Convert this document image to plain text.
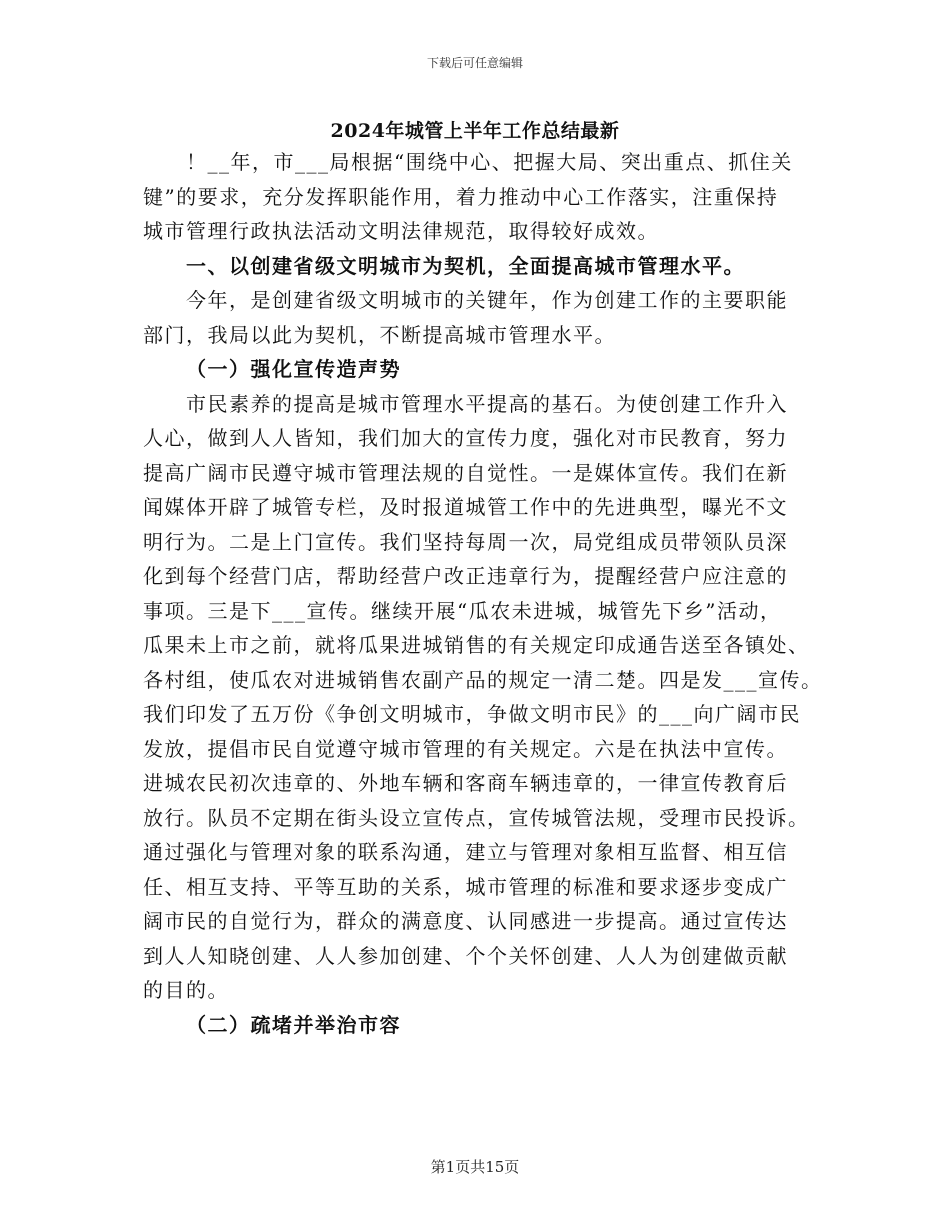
下载后可任意编辑
2024年城管上半年工作总结最新
！__年，市___局根据“围绕中心、把握大局、突出重点、抓住关
键”的要求，充分发挥职能作用，着力推动中心工作落实，注重保持
城市管理行政执法活动文明法律规范，取得较好成效。
一、以创建省级文明城市为契机，全面提高城市管理水平。
今年，是创建省级文明城市的关键年，作为创建工作的主要职能
部门，我局以此为契机，不断提高城市管理水平。
（一）强化宣传造声势
市民素养的提高是城市管理水平提高的基石。为使创建工作升入
人心，做到人人皆知，我们加大的宣传力度，强化对市民教育，努力
提高广阔市民遵守城市管理法规的自觉性。一是媒体宣传。我们在新
闻媒体开辟了城管专栏，及时报道城管工作中的先进典型，曝光不文
明行为。二是上门宣传。我们坚持每周一次，局党组成员带领队员深
化到每个经营门店，帮助经营户改正违章行为，提醒经营户应注意的
事项。三是下___宣传。继续开展“瓜农未进城，城管先下乡”活动，
瓜果未上市之前，就将瓜果进城销售的有关规定印成通告送至各镇处、
各村组，使瓜农对进城销售农副产品的规定一清二楚。四是发___宣传。
我们印发了五万份《争创文明城市，争做文明市民》的___向广阔市民
发放，提倡市民自觉遵守城市管理的有关规定。六是在执法中宣传。
进城农民初次违章的、外地车辆和客商车辆违章的，一律宣传教育后
放行。队员不定期在街头设立宣传点，宣传城管法规，受理市民投诉。
通过强化与管理对象的联系沟通，建立与管理对象相互监督、相互信
任、相互支持、平等互助的关系，城市管理的标准和要求逐步变成广
阔市民的自觉行为，群众的满意度、认同感进一步提高。通过宣传达
到人人知晓创建、人人参加创建、个个关怀创建、人人为创建做贡献
的目的。
（二）疏堵并举治市容
第1页共15页
